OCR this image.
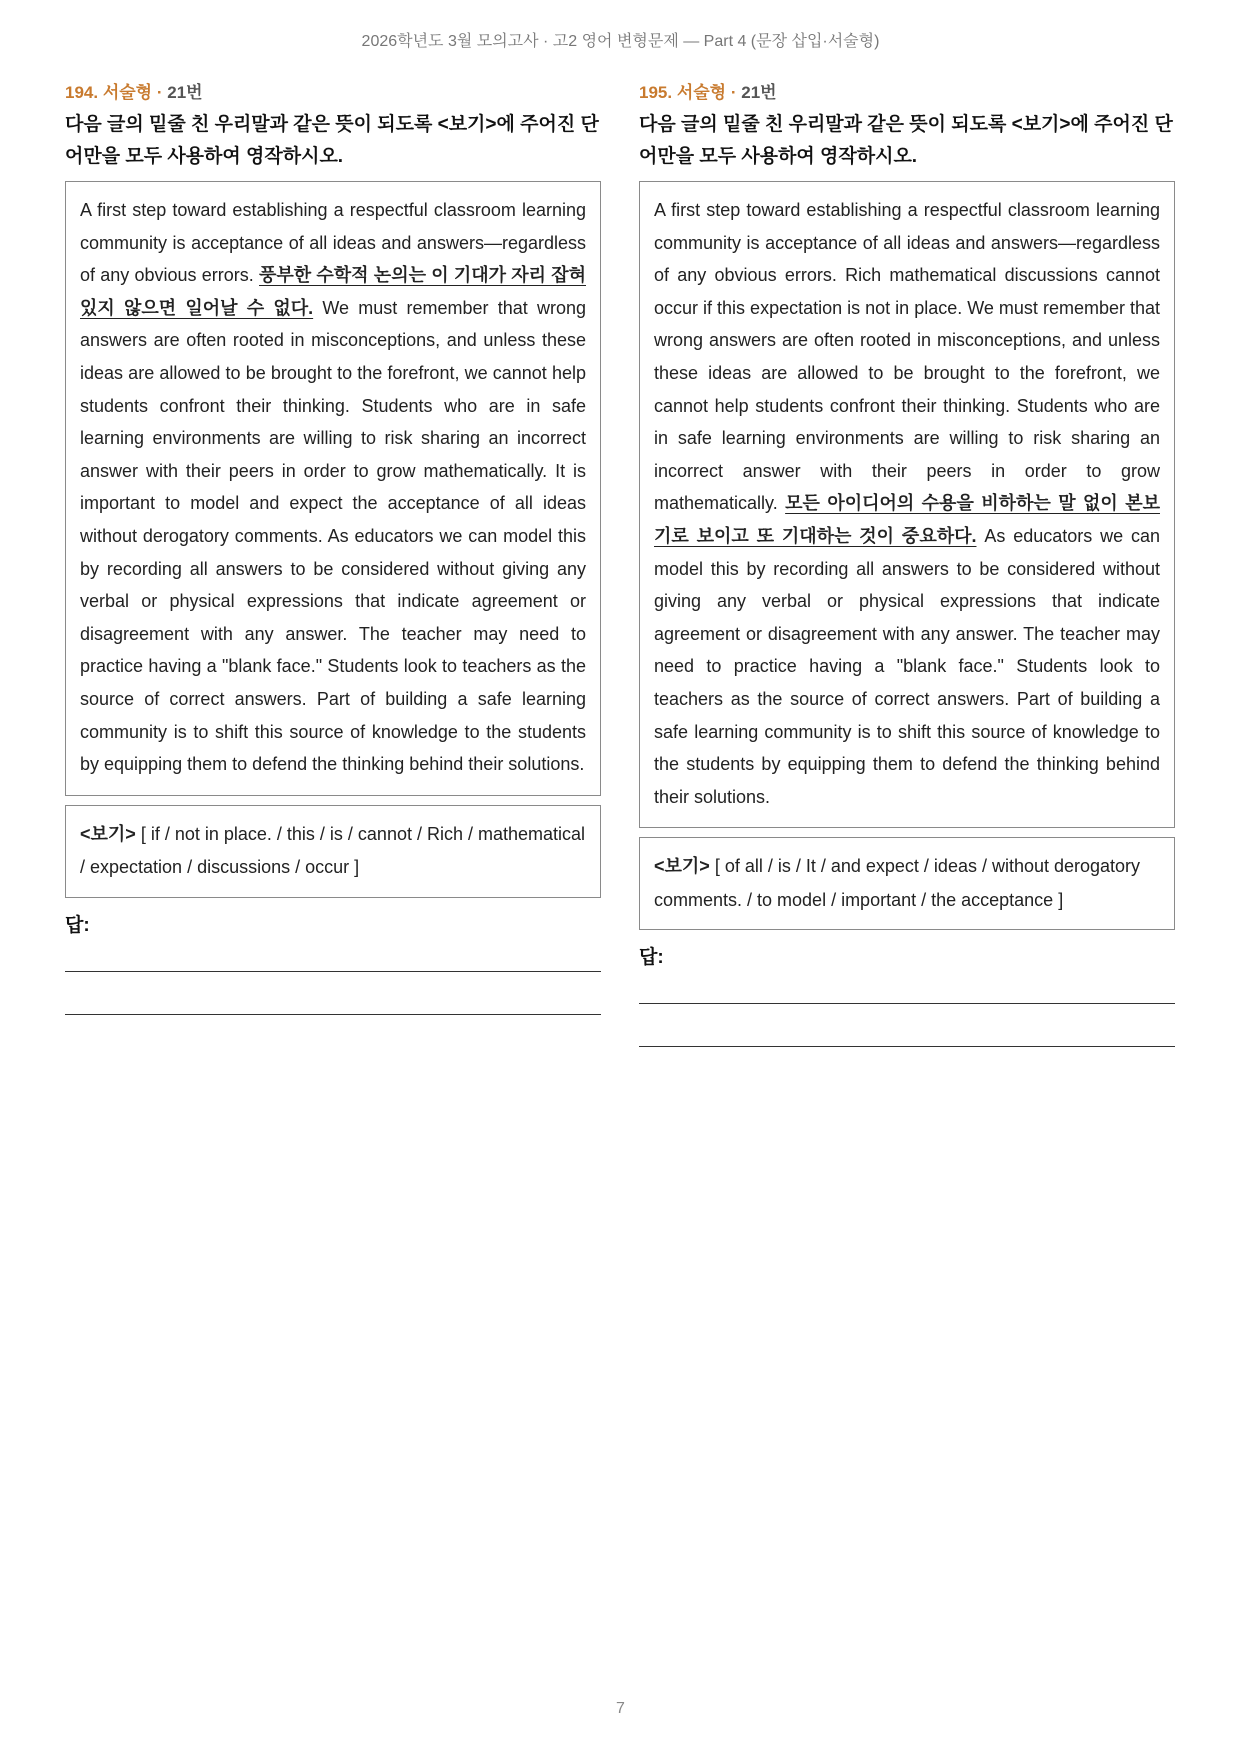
2026학년도 3월 모의고사 · 고2 영어 변형문제 — Part 4 (문장 삽입·서술형)
194. 서술형 · 21번
다음 글의 밑줄 친 우리말과 같은 뜻이 되도록 <보기>에 주어진 단어만을 모두 사용하여 영작하시오.
A first step toward establishing a respectful classroom learning community is acceptance of all ideas and answers—regardless of any obvious errors. 풍부한 수학적 논의는 이 기대가 자리 잡혀 있지 않으면 일어날 수 없다. We must remember that wrong answers are often rooted in misconceptions, and unless these ideas are allowed to be brought to the forefront, we cannot help students confront their thinking. Students who are in safe learning environments are willing to risk sharing an incorrect answer with their peers in order to grow mathematically. It is important to model and expect the acceptance of all ideas without derogatory comments. As educators we can model this by recording all answers to be considered without giving any verbal or physical expressions that indicate agreement or disagreement with any answer. The teacher may need to practice having a "blank face." Students look to teachers as the source of correct answers. Part of building a safe learning community is to shift this source of knowledge to the students by equipping them to defend the thinking behind their solutions.
<보기> [ if / not in place. / this / is / cannot / Rich / mathematical / expectation / discussions / occur ]
답:
195. 서술형 · 21번
다음 글의 밑줄 친 우리말과 같은 뜻이 되도록 <보기>에 주어진 단어만을 모두 사용하여 영작하시오.
A first step toward establishing a respectful classroom learning community is acceptance of all ideas and answers—regardless of any obvious errors. Rich mathematical discussions cannot occur if this expectation is not in place. We must remember that wrong answers are often rooted in misconceptions, and unless these ideas are allowed to be brought to the forefront, we cannot help students confront their thinking. Students who are in safe learning environments are willing to risk sharing an incorrect answer with their peers in order to grow mathematically. 모든 아이디어의 수용을 비하하는 말 없이 본보기로 보이고 또 기대하는 것이 중요하다. As educators we can model this by recording all answers to be considered without giving any verbal or physical expressions that indicate agreement or disagreement with any answer. The teacher may need to practice having a "blank face." Students look to teachers as the source of correct answers. Part of building a safe learning community is to shift this source of knowledge to the students by equipping them to defend the thinking behind their solutions.
<보기> [ of all / is / It / and expect / ideas / without derogatory comments. / to model / important / the acceptance ]
답:
7
